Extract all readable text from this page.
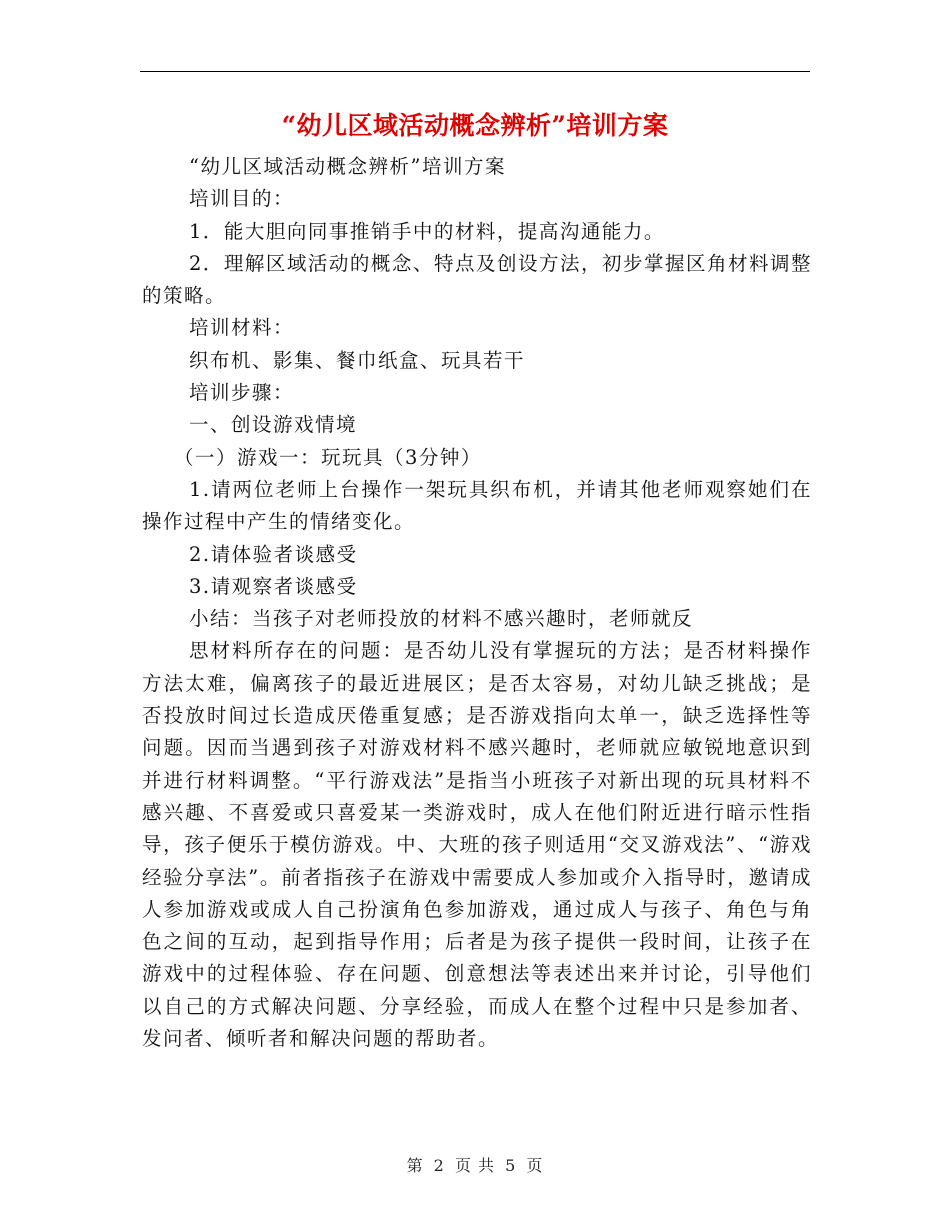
“幼儿区域活动概念辨析”培训方案

“幼儿区域活动概念辨析”培训方案

培训目的：

1．能大胆向同事推销手中的材料，提高沟通能力。

2．理解区域活动的概念、特点及创设方法，初步掌握区角材料调整的策略。

培训材料：

织布机、影集、餐巾纸盒、玩具若干

培训步骤：

一、创设游戏情境

（一）游戏一：玩玩具（3分钟）

1.请两位老师上台操作一架玩具织布机，并请其他老师观察她们在操作过程中产生的情绪变化。

2.请体验者谈感受

3.请观察者谈感受

小结：当孩子对老师投放的材料不感兴趣时，老师就反

思材料所存在的问题：是否幼儿没有掌握玩的方法；是否材料操作方法太难，偏离孩子的最近进展区；是否太容易，对幼儿缺乏挑战；是否投放时间过长造成厌倦重复感；是否游戏指向太单一，缺乏选择性等问题。因而当遇到孩子对游戏材料不感兴趣时，老师就应敏锐地意识到并进行材料调整。“平行游戏法”是指当小班孩子对新出现的玩具材料不感兴趣、不喜爱或只喜爱某一类游戏时，成人在他们附近进行暗示性指导，孩子便乐于模仿游戏。中、大班的孩子则适用“交叉游戏法”、“游戏经验分享法”。前者指孩子在游戏中需要成人参加或介入指导时，邀请成人参加游戏或成人自己扮演角色参加游戏，通过成人与孩子、角色与角色之间的互动，起到指导作用；后者是为孩子提供一段时间，让孩子在游戏中的过程体验、存在问题、创意想法等表述出来并讨论，引导他们以自己的方式解决问题、分享经验，而成人在整个过程中只是参加者、发问者、倾听者和解决问题的帮助者。

第 2 页 共 5 页
